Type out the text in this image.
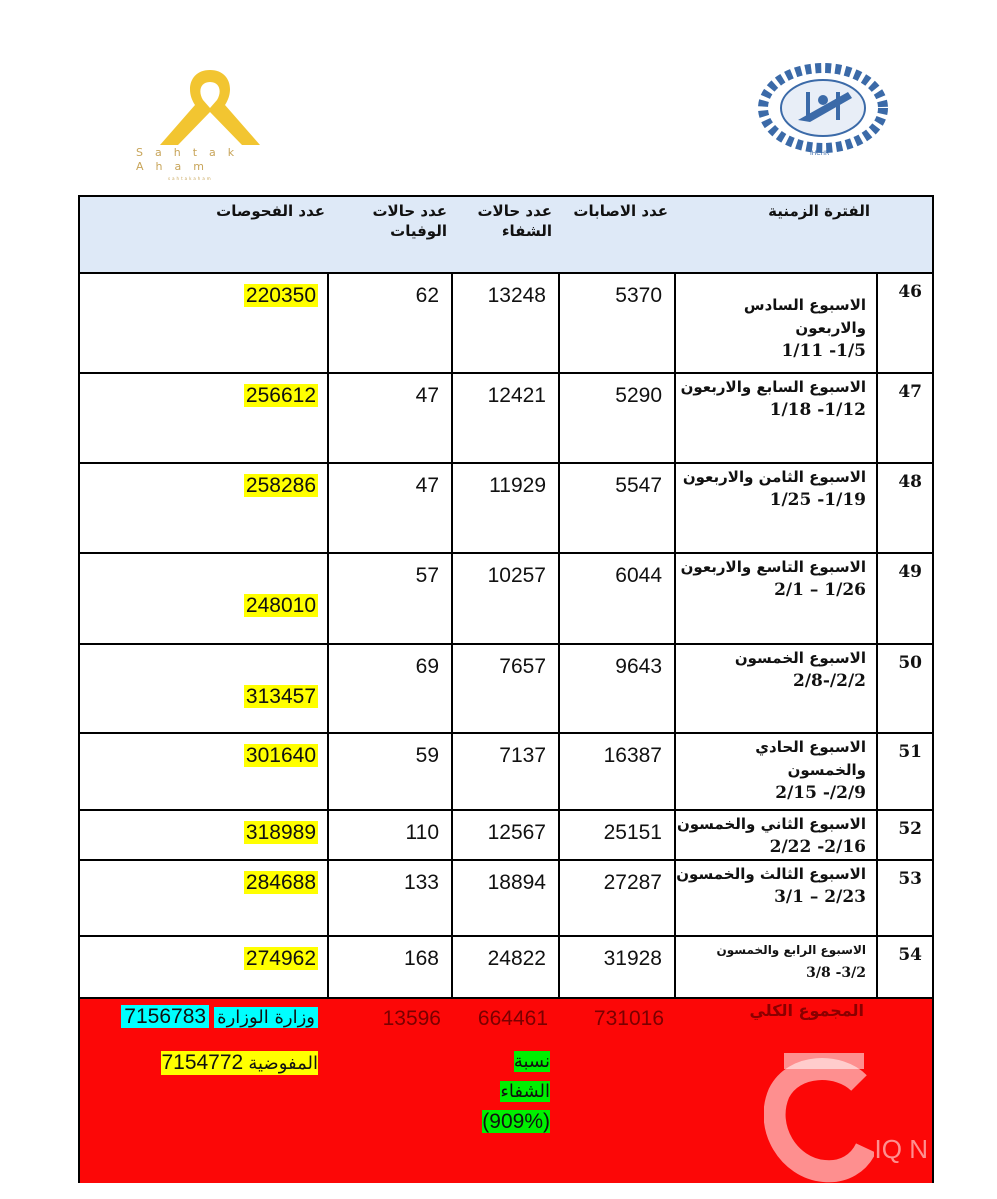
Sahtak
Aham
sahtakaham
IHCHR
عدد الفحوصات	عدد حالات الوفيات
عدد حالات الشفاء
عدد الاصابات	الفترة الزمنية
46
الاسبوع السادس
والاربعون
1/11 -1/5
5370
13248
62
220350
47
الاسبوع السابع والاربعون
1/18 -1/12
5290
12421
47
256612
48
الاسبوع الثامن والاربعون
1/25 -1/19
5547
11929
47
258286
49
الاسبوع التاسع والاربعون
2/1 – 1/26
6044
10257
57
248010
50
الاسبوع الخمسون
2/8-/2/2
9643
7657
69
313457
51
الاسبوع الحادي
والخمسون
2/15 -/2/9
16387
7137
59
301640
52
الاسبوع الثاني والخمسون
2/22 -2/16
25151
12567
110
318989
53
الاسبوع الثالث والخمسون
3/1 – 2/23
27287
18894
133
284688
54
الاسبوع الرابع والخمسون
3/8 -3/2
31928
24822
168
274962
المجموع الكلي
731016
664461
نسبة
الشفاء
(909%)
13596
وزارة الوزارة 7156783
المفوضية 7154772
IQ N
